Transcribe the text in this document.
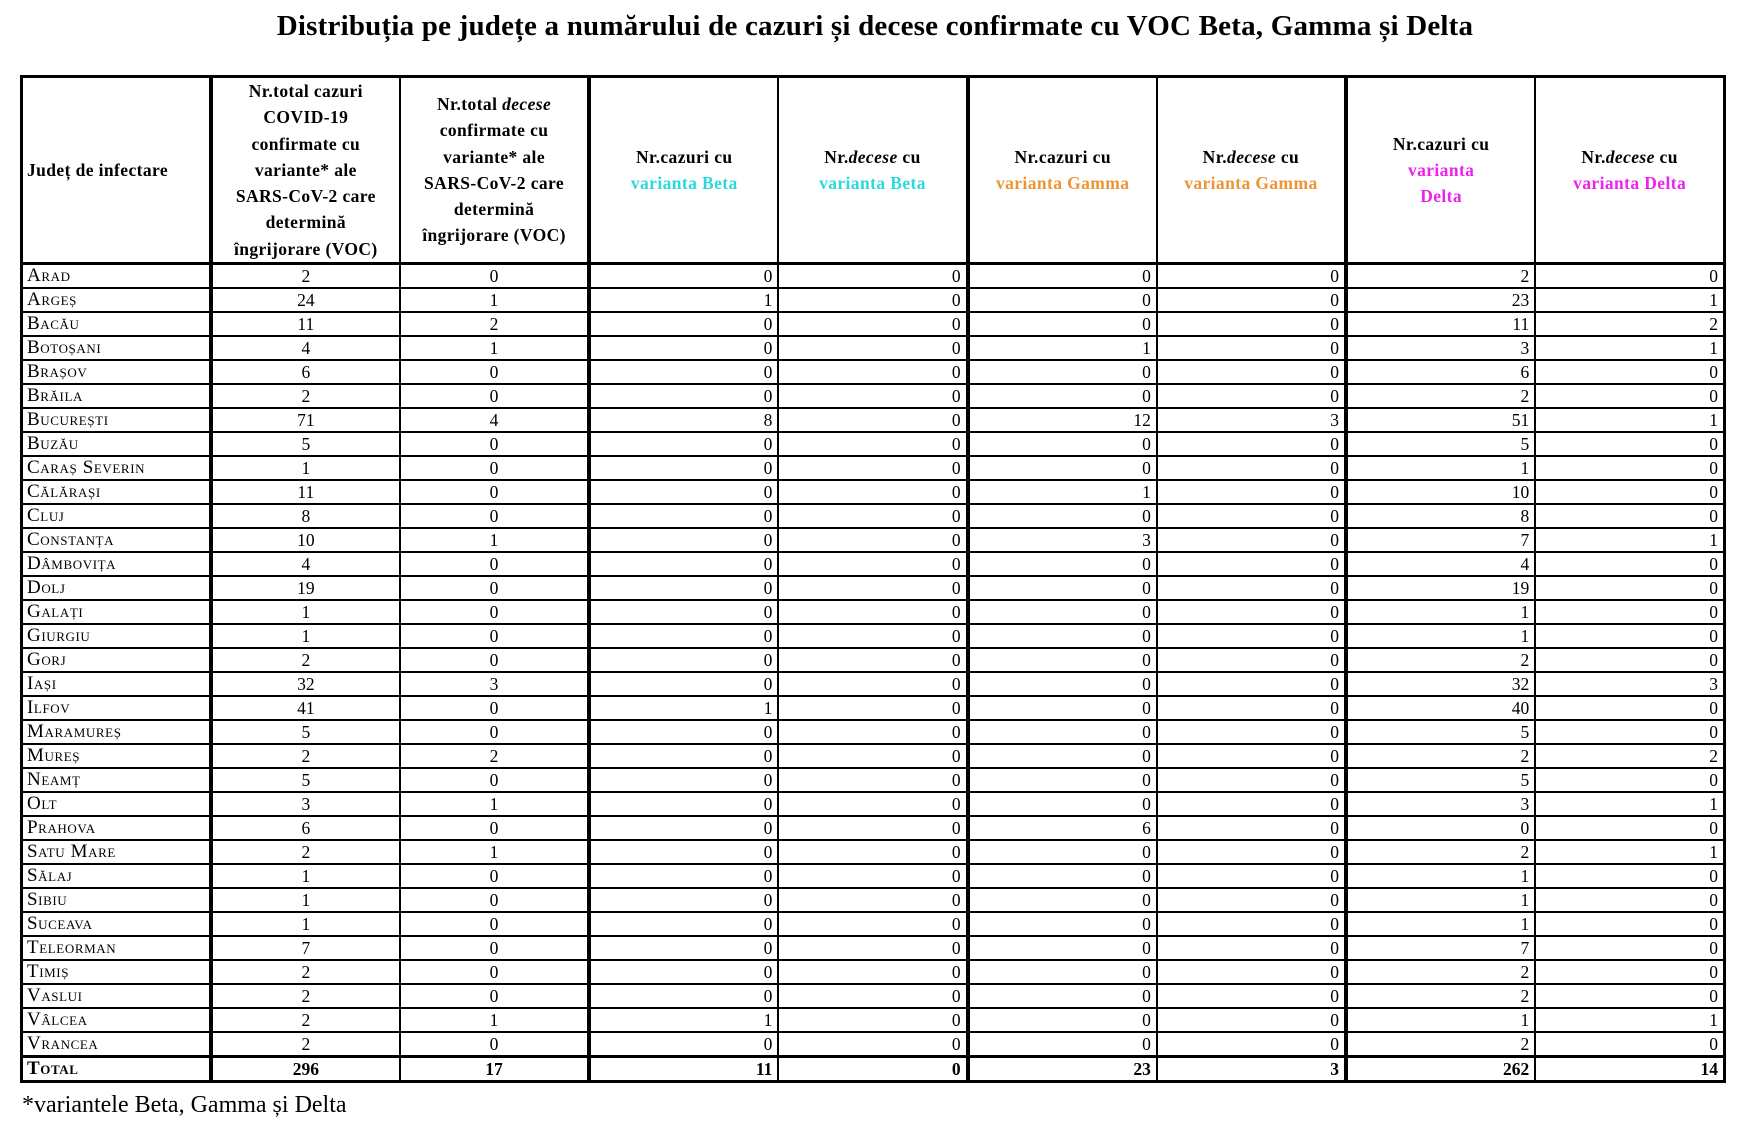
Distribuția pe județe a numărului de cazuri și decese confirmate cu VOC Beta, Gamma și Delta
Județ de infectare	Nr.total cazuri
COVID-19
confirmate cu
variante* ale
SARS-CoV-2 care
determină
îngrijorare (VOC)	Nr.total decese
confirmate cu
variante* ale
SARS-CoV-2 care
determină
îngrijorare (VOC)	Nr.cazuri cu
varianta Beta	Nr.decese cu
varianta Beta	Nr.cazuri cu
varianta Gamma	Nr.decese cu
varianta Gamma	Nr.cazuri cu
varianta
Delta	Nr.decese cu
varianta Delta
Arad	2	0	0	0	0	0	2	0
Argeș	24	1	1	0	0	0	23	1
Bacău	11	2	0	0	0	0	11	2
Botoșani	4	1	0	0	1	0	3	1
Brașov	6	0	0	0	0	0	6	0
Brăila	2	0	0	0	0	0	2	0
București	71	4	8	0	12	3	51	1
Buzău	5	0	0	0	0	0	5	0
Caraș Severin	1	0	0	0	0	0	1	0
Călărași	11	0	0	0	1	0	10	0
Cluj	8	0	0	0	0	0	8	0
Constanța	10	1	0	0	3	0	7	1
Dâmbovița	4	0	0	0	0	0	4	0
Dolj	19	0	0	0	0	0	19	0
Galați	1	0	0	0	0	0	1	0
Giurgiu	1	0	0	0	0	0	1	0
Gorj	2	0	0	0	0	0	2	0
Iași	32	3	0	0	0	0	32	3
Ilfov	41	0	1	0	0	0	40	0
Maramureș	5	0	0	0	0	0	5	0
Mureș	2	2	0	0	0	0	2	2
Neamț	5	0	0	0	0	0	5	0
Olt	3	1	0	0	0	0	3	1
Prahova	6	0	0	0	6	0	0	0
Satu Mare	2	1	0	0	0	0	2	1
Sălaj	1	0	0	0	0	0	1	0
Sibiu	1	0	0	0	0	0	1	0
Suceava	1	0	0	0	0	0	1	0
Teleorman	7	0	0	0	0	0	7	0
Timiș	2	0	0	0	0	0	2	0
Vaslui	2	0	0	0	0	0	2	0
Vâlcea	2	1	1	0	0	0	1	1
Vrancea	2	0	0	0	0	0	2	0
Total	296	17	11	0	23	3	262	14
*variantele Beta, Gamma și Delta
